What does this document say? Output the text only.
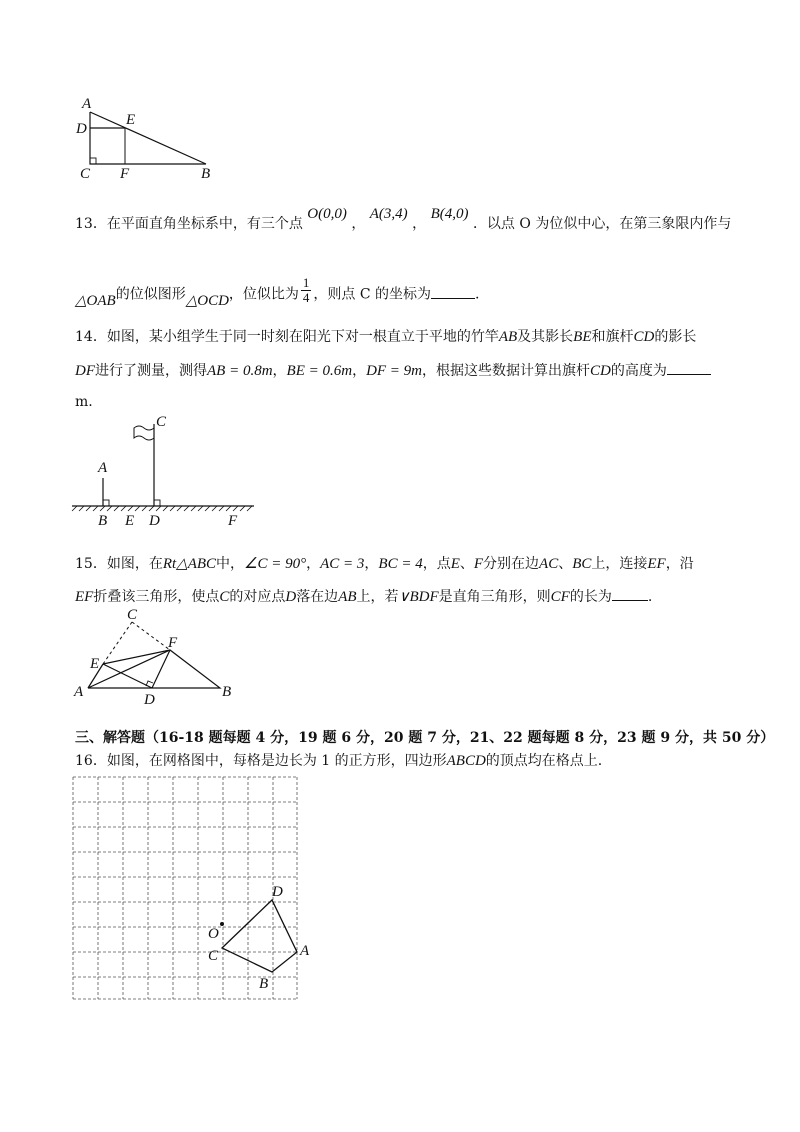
A
D
E
C F	B
13．在平面直角坐标系中，有三个点 O(0,0) ， A(3,4) ， B(4,0) ．以点 O 为位似中心，在第三象限内作与
△OAB的位似图形△OCD，位似比为 $\frac{1}{4}$ ，则点 C 的坐标为	.
14．如图，某小组学生于同一时刻在阳光下对一根直立于平地的竹竿AB及其影长BE和旗杆CD的影长
DF进行了测量，测得AB = 0.8m，BE = 0.6m，DF = 9m，根据这些数据计算出旗杆CD的高度为
m.
C
A
B E D	F
15．如图，在Rt△ABC中，∠C = 90°，AC = 3，BC = 4，点E、F分别在边AC、BC上，连接EF，沿
EF折叠该三角形，使点C的对应点D落在边AB上，若∨BDF是直角三角形，则CF的长为	.
C
F
E
A	D	B
三、解答题（16-18 题每题 4 分，19 题 6 分，20 题 7 分，21、22 题每题 8 分，23 题 9 分，共 50 分）
16．如图，在网格图中，每格是边长为 1 的正方形，四边形ABCD的顶点均在格点上.
D
O
C	A
B
